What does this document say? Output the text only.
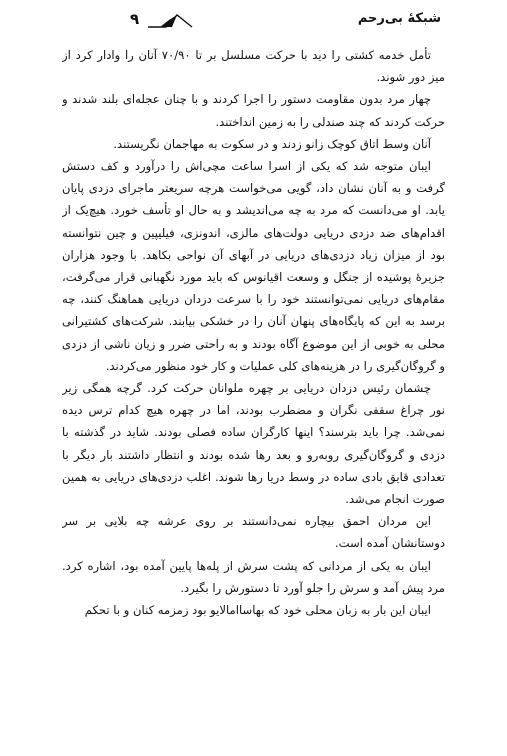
شبکهٔ بی‌رحم
۹

تأمل خدمه کشتی را دید با حرکت مسلسل بر تا ۷۰/۹۰ آنان را وادار کرد از میز دور شوند.

چهار مرد بدون مقاومت دستور را اجرا کردند و با چنان عجله‌ای بلند شدند و حرکت کردند که چند صندلی را به زمین انداختند.

آنان وسط اتاق کوچک زانو زدند و در سکوت به مهاجمان نگریستند.

ایبان متوجه شد که یکی از اسرا ساعت مچی‌اش را درآورد و کف دستش گرفت و به آنان نشان داد، گویی می‌خواست هرچه سریعتر ماجرای دزدی پایان یابد. او می‌دانست که مرد به چه می‌اندیشد و به حال او تأسف خورد. هیچ‌یک از اقدام‌های ضد دزدی دریایی دولت‌های مالزی، اندونزی، فیلیپین و چین نتوانسته بود از میزان زیاد دزدی‌های دریایی در آبهای آن نواحی بکاهد. با وجود هزاران جزیرهٔ پوشیده از جنگل و وسعت اقیانوس که باید مورد نگهبانی قرار می‌گرفت، مقام‌های دریایی نمی‌توانستند خود را با سرعت دزدان دریایی هماهنگ کنند، چه برسد به این که پایگاه‌های پنهان آنان را در خشکی بیابند. شرکت‌های کشتیرانی محلی به خوبی از این موضوع آگاه بودند و به راحتی ضرر و زیان ناشی از دزدی و گروگان‌گیری را در هزینه‌های کلی عملیات و کار خود منظور می‌کردند.

چشمان رئیس دزدان دریایی بر چهره ملوانان حرکت کرد. گرچه همگی زیر نور چراغ سقفی نگران و مضطرب بودند، اما در چهره هیچ کدام ترس دیده نمی‌شد. چرا باید بترسند؟ اینها کارگران ساده فصلی بودند. شاید در گذشته با دزدی و گروگان‌گیری روبه‌رو و بعد رها شده بودند و انتظار داشتند بار دیگر با تعدادی قایق بادی ساده در وسط دریا رها شوند. اغلب دزدی‌های دریایی به همین صورت انجام می‌شد.

این مردان احمق بیچاره نمی‌دانستند بر روی عرشه چه بلایی بر سر دوستانشان آمده است.

ایبان به یکی از مردانی که پشت سرش از پله‌ها پایین آمده بود، اشاره کرد. مرد پیش آمد و سرش را جلو آورد تا دستورش را بگیرد.

ایبان این بار به زبان محلی خود که بهاساامالایو بود زمزمه کنان و با تحکم
